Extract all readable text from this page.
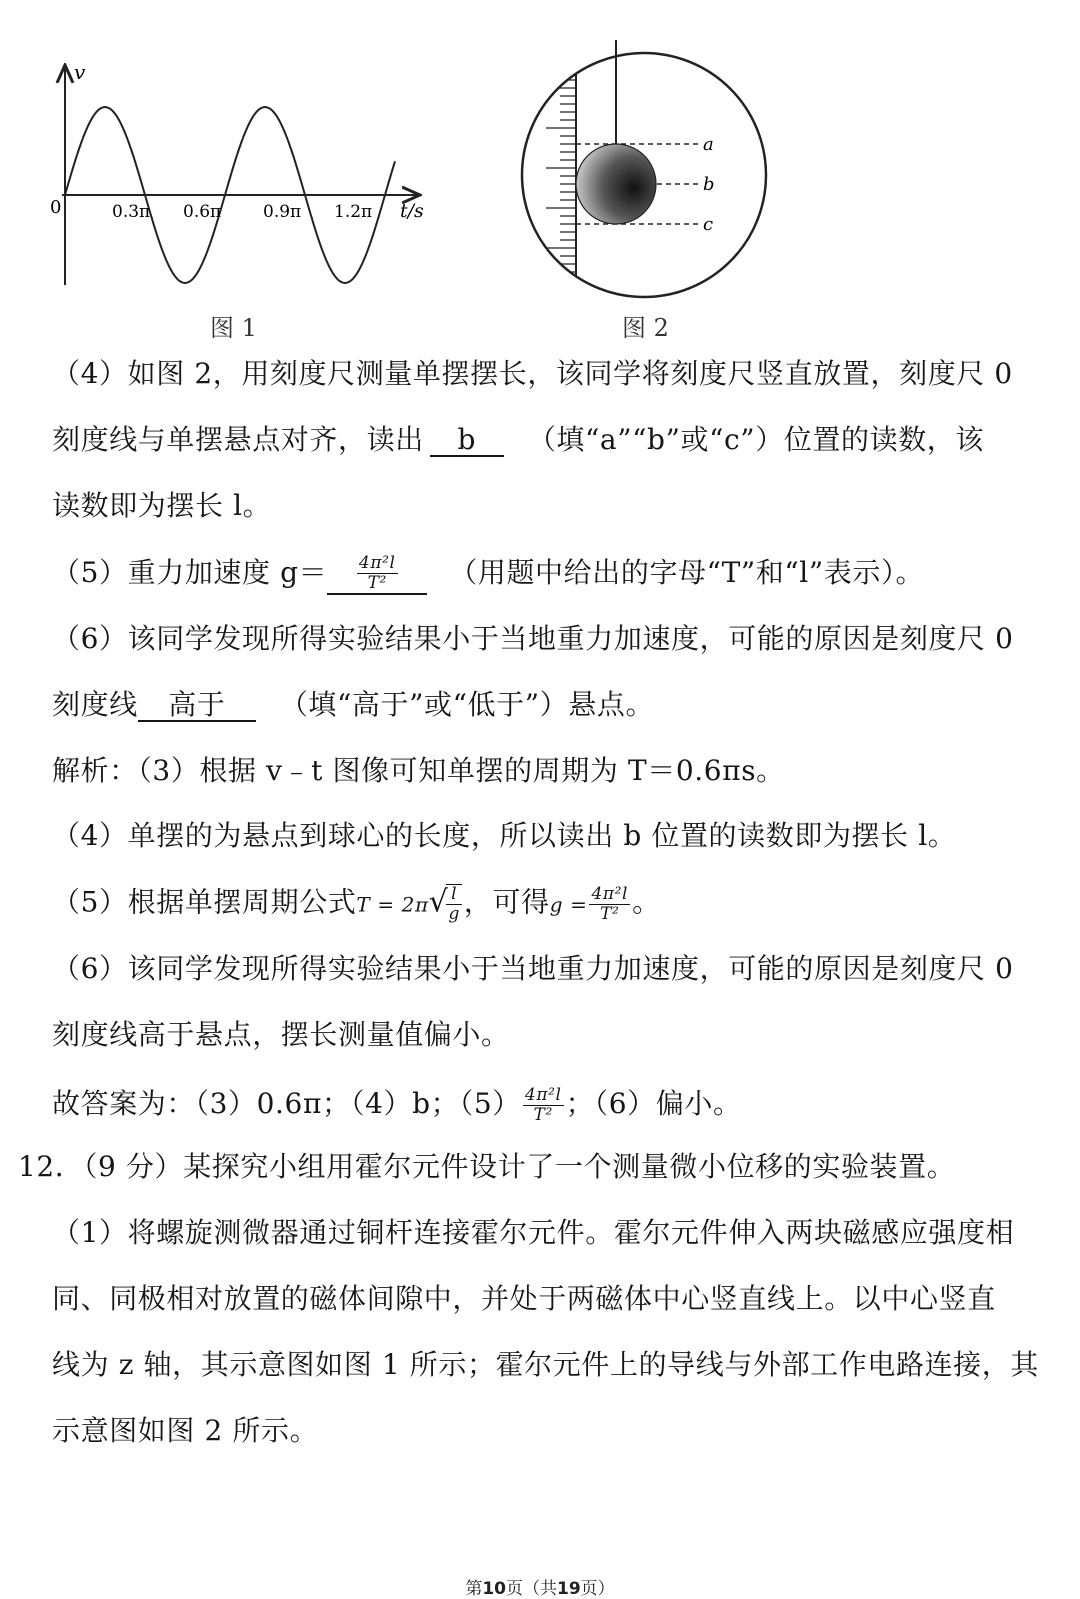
v
0	0.3π 0.6π 0.9π 1.2π t/s
图 1
a
b
c
图 2
（4）如图 2，用刻度尺测量单摆摆长，该同学将刻度尺竖直放置，刻度尺 0
刻度线与单摆悬点对齐，读出 b （填“a”“b”或“c”）位置的读数，该
读数即为摆长 l。
（5）重力加速度 $g= \frac{\text{4π²l}}{\text{T²}}$ （用题中给出的字母“T”和“l”表示）。
（6）该同学发现所得实验结果小于当地重力加速度，可能的原因是刻度尺 0
刻度线 高于 （填“高于”或“低于”）悬点。
解析：（3）根据 v﹣t 图像可知单摆的周期为 T＝0.6πs。
（4）单摆的为悬点到球心的长度，所以读出 b 位置的读数即为摆长 l。
（5）根据单摆周期公式T = 2π√
$\frac{l}{g}$ ，可得$g = \frac{\text{4π²l}}{\text{T²}}$ 。
（6）该同学发现所得实验结果小于当地重力加速度，可能的原因是刻度尺 0
刻度线高于悬点，摆长测量值偏小。
故答案为：（3）0.6π；（4）b；$(5) \frac{\text{4π²l}}{\text{T²}}$ ；（6）偏小。
12．（9 分）某探究小组用霍尔元件设计了一个测量微小位移的实验装置。
（1）将螺旋测微器通过铜杆连接霍尔元件。霍尔元件伸入两块磁感应强度相
同、同极相对放置的磁体间隙中，并处于两磁体中心竖直线上。以中心竖直
线为 z 轴，其示意图如图 1 所示；霍尔元件上的导线与外部工作电路连接，其
示意图如图 2 所示。
第10页（共19页）
